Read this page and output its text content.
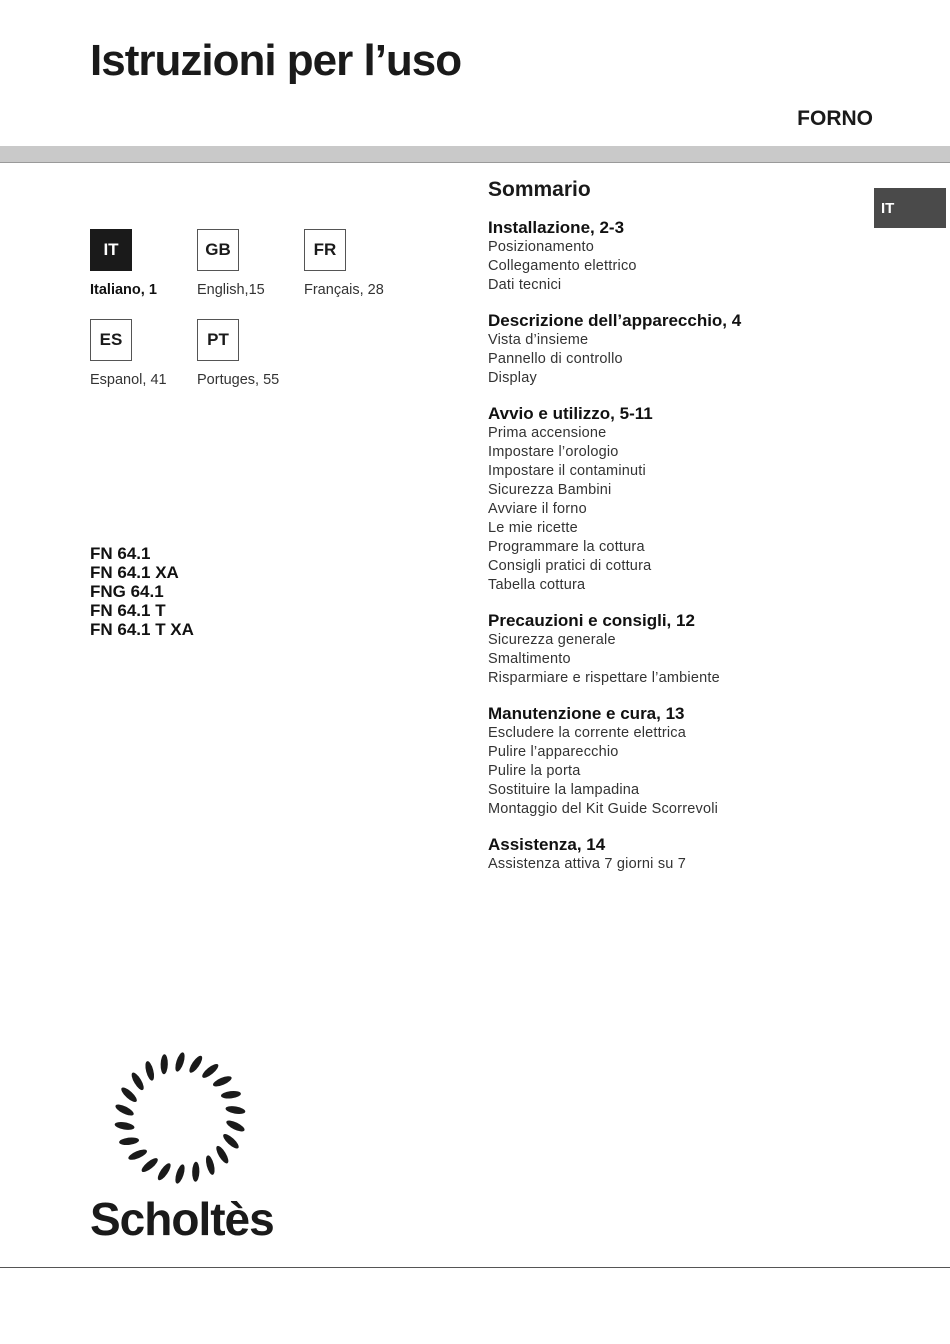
Istruzioni per l’uso
FORNO
IT
Italiano, 1
GB
English,15
FR
Français, 28
ES
Espanol, 41
PT
Portuges, 55
FN 64.1
FN 64.1 XA
FNG 64.1
FN 64.1 T
FN 64.1 T XA
Sommario
Installazione, 2-3
Posizionamento
Collegamento elettrico
Dati tecnici
Descrizione dell’apparecchio, 4
Vista d’insieme
Pannello di controllo
Display
Avvio e utilizzo, 5-11
Prima accensione
Impostare l’orologio
Impostare il contaminuti
Sicurezza Bambini
Avviare il forno
Le mie ricette
Programmare la cottura
Consigli pratici di cottura
Tabella cottura
Precauzioni e consigli, 12
Sicurezza generale
Smaltimento
Risparmiare e rispettare l’ambiente
Manutenzione e cura, 13
Escludere la corrente elettrica
Pulire l’apparecchio
Pulire la porta
Sostituire la lampadina
Montaggio del Kit Guide Scorrevoli
Assistenza, 14
Assistenza attiva 7 giorni su 7
IT
Scholtès
